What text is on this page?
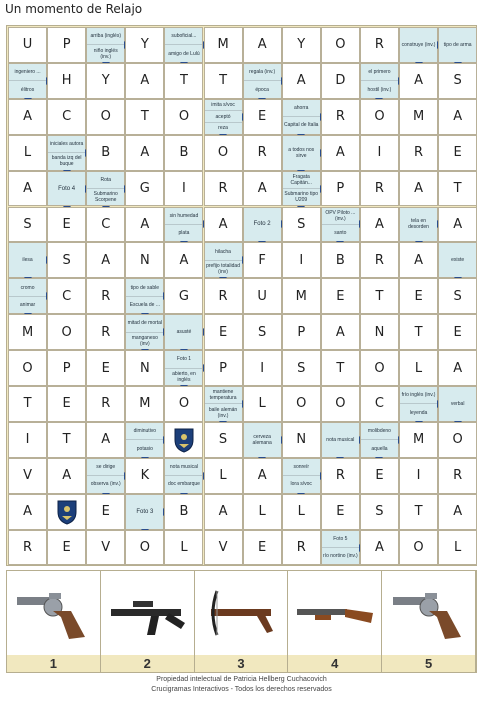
Un momento de Relajo
U	P
arriba (inglés)
niño inglés (inv.)
Y
suboficial...
amigo de Lulú
M	A	Y	O	R	construye (inv.)	tipo de arma
ingeniero ...
élitros
H	Y	A	T	T
regala (inv.)
época
A	D
el primero
hostil (inv.)
A	S
A	C	O	T	O
imita s/voc
aceptó
reza
E
ahorra
Capital de Italia
R	O	M	A
L
iniciales autora
banda izq del buque
B	A	B	O	R	a todos nos sirve	A	I	R	E
A	Foto 4
Rota
Submarino Scorpene
G	I	R	A
Fragata Capitán...
Submarino tipo U209
P	R	A	T
S	E	C	A
sin humedad
plata
A	Foto 2	S
OPV Piloto ... (inv.)
santo
A	tela en desorden	A
ilesa	S	A	N	A
hilacha
prefijo totalidad (inv)
F	I	B	R	A	existe
cromo
animar
C	R
tipo de sable
Escuela de ...
G	R	U	M	E	T	E	S
M	O	R
mitad de mortal
manganeso (inv)
asusté	E	S	P	A	N	T	E
O	P	E	N
Foto 1
abierto, en inglés
P	I	S	T	O	L	A
T	E	R	M	O
mantiene temperatura
baile alemán (inv.)
L	O	O	C
frío inglés (inv.)
leyenda
verbal
I	T	A
diminutivo
potasio
S	cerveza alemana	N	nota musical
molibdeno
aquella
M	O
V	A
se dirige
observa (inv.)
K
nota musical
doc embarque
L	A
sonreír
lora s/voc
R	E	I	R
A	E	Foto 3	B	A	L	L	E	S	T	A
R	E	V	O	L	V	E	R
Foto 5
río nortino (inv.)
A	O	L
1	2	3	4	5
Propiedad intelectual de Patricia Hellberg Cuchacovich
Crucigramas Interactivos - Todos los derechos reservados
